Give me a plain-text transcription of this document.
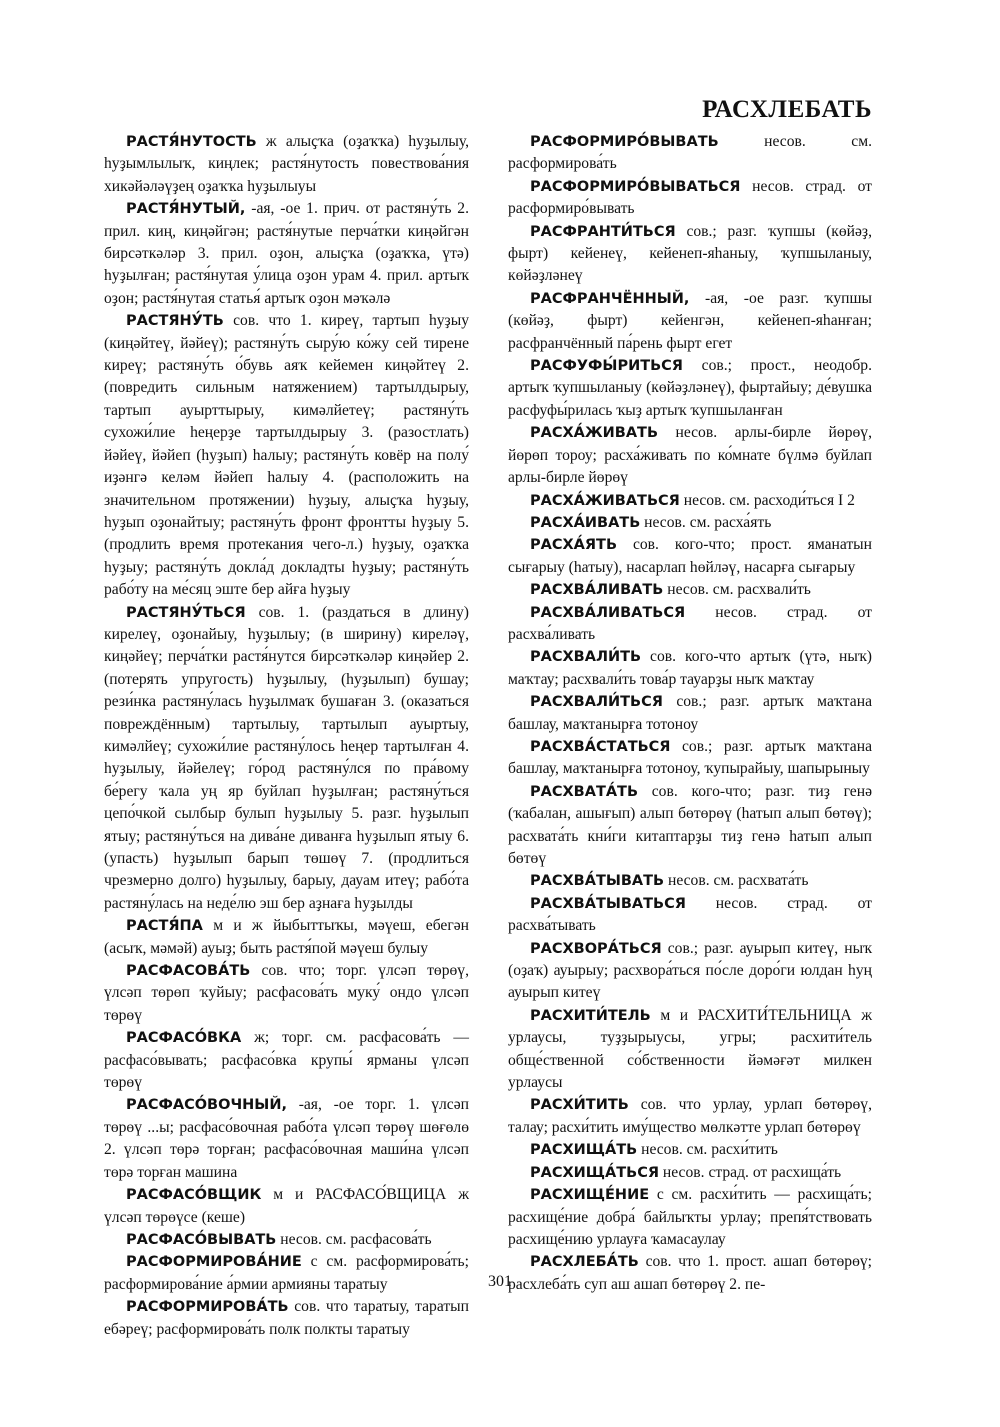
РАСХЛЕБАТЬ

РАСТЯ́НУТОСТЬ ж алыҫҡа (оҙаҡҡа) һуҙылыу, һуҙымлылыҡ, киңлек; растя́нутость повествова́ния хикәйәләүҙең оҙаҡҡа һуҙылыуы

РАСТЯ́НУТЫЙ, -ая, -ое 1. прич. от растяну́ть 2. прил. киң, киңәйгән; растя́нутые перча́тки киңәйгән бирсәткәләр 3. прил. оҙон, алыҫҡа (оҙаҡҡа, үтә) һуҙылған; растя́нутая у́лица оҙон урам 4. прил. артыҡ оҙон; растя́нутая статья́ артыҡ оҙон мәҡәлә

РАСТЯНУ́ТЬ сов. что 1. киреү, тартып һуҙыу (киңәйтеү, йәйеү); растяну́ть сыру́ю ко́жу сей тирене киреү; растяну́ть о́бувь аяҡ кейемен киңәйтеү 2. (повредить сильным натяжением) тартылдырыу, тартып ауырттырыу, кимәлйетеү; растяну́ть сухожи́лие һеңерҙе тартылдырыу 3. (разостлать) йәйеү, йәйеп (һуҙып) һалыу; растяну́ть ковёр на полу́ иҙәнгә келәм йәйеп һалыу 4. (расположить на значительном протяжении) һуҙыу, алыҫҡа һуҙыу, һуҙып оҙонайтыу; растяну́ть фронт фронтты һуҙыу 5. (продлить время протекания чего-л.) һуҙыу, оҙаҡҡа һуҙыу; растяну́ть докла́д докладты һуҙыу; растяну́ть рабо́ту на ме́сяц эште бер айға һуҙыу

РАСТЯНУ́ТЬСЯ сов. 1. (раздаться в длину) кирелеү, оҙонайыу, һуҙылыу; (в ширину) киреләү, киңәйеү; перча́тки растя́нутся бирсәткәләр киңәйер 2. (потерять упругость) һуҙылыу, (һуҙылып) бушау; рези́нка растяну́лась һуҙылмаҡ бушаған 3. (оказаться повреждённым) тартылыу, тартылып ауыртыу, кимәлйеү; сухожи́лие растяну́лось һеңер тартылған 4. һуҙылыу, йәйелеү; го́род растяну́лся по пра́вому бе́регу ҡала уң яр буйлап һуҙылған; растяну́ться цепо́чкой сылбыр булып һуҙылыу 5. разг. һуҙылып ятыу; растяну́ться на дива́не диванға һуҙылып ятыу 6. (упасть) һуҙылып барып төшөү 7. (продлиться чрезмерно долго) һуҙылыу, барыу, дауам итеү; рабо́та растяну́лась на неде́лю эш бер аҙнаға һуҙылды

РАСТЯ́ПА м и ж йыбыттыҡы, мәүеш, ебегән (асыҡ, мәмәй) ауыҙ; быть растя́пой мәүеш булыу

РАСФАСОВА́ТЬ сов. что; торг. үлсәп төрөү, үлсәп төрөп ҡуйыу; расфасова́ть муку́ ондо үлсәп төрөү

РАСФАСО́ВКА ж; торг. см. расфасова́ть — расфасо́вывать; расфасо́вка крупы́ ярманы үлсәп төрөү

РАСФАСО́ВОЧНЫЙ, -ая, -ое торг. 1. үлсәп төрөү ...ы; расфасо́вочная рабо́та үлсәп төрөү шөғөлө 2. үлсәп төрә торған; расфасо́вочная маши́на үлсәп төрә торған машина

РАСФАСО́ВЩИК м и РАСФАСО́ВЩИЦА ж үлсәп төрөүсе (кеше)

РАСФАСО́ВЫВАТЬ несов. см. расфасова́ть

РАСФОРМИРОВА́НИЕ с см. расформирова́ть; расформирова́ние а́рмии армияны таратыу

РАСФОРМИРОВА́ТЬ сов. что таратыу, таратып ебәреү; расформирова́ть полк полкты таратыу

РАСФОРМИРО́ВЫВАТЬ	несов. см. расформирова́ть

РАСФОРМИРО́ВЫВАТЬСЯ несов. страд. от расформиро́вывать

РАСФРАНТИ́ТЬСЯ сов.; разг. ҡупшы (көйәҙ, фырт) кейенеү, кейенеп-яһаныу, ҡупшыланыу, көйәҙләнеү

РАСФРАНЧЁННЫЙ, -ая, -ое разг. ҡупшы (көйәҙ, фырт) кейенгән, кейенеп-яһанған; расфранчённый па́рень фырт егет

РАСФУФЫ́РИТЬСЯ сов.; прост., неодобр. артыҡ ҡупшыланыу (көйәҙләнеү), фыртайыу; де́вушка расфуфы́рилась ҡыҙ артыҡ ҡупшыланған

РАСХА́ЖИВАТЬ несов. арлы-бирле йөрөү, йөрөп тороу; расха́живать по ко́мнате бүлмә буйлап арлы-бирле йөрөү

РАСХА́ЖИВАТЬСЯ несов. см. расходи́ться I 2

РАСХА́ИВАТЬ несов. см. расха́ять

РАСХА́ЯТЬ сов. кого-что; прост. яманатын сығарыу (һатыу), насарлап һөйләү, насарға сығарыу

РАСХВА́ЛИВАТЬ несов. см. расхвали́ть

РАСХВА́ЛИВАТЬСЯ несов. страд. от расхва́ливать

РАСХВАЛИ́ТЬ сов. кого-что артыҡ (үтә, ныҡ) маҡтау; расхвали́ть това́р тауарҙы ныҡ маҡтау

РАСХВАЛИ́ТЬСЯ сов.; разг. артыҡ маҡтана башлау, маҡтанырға тотоноу

РАСХВА́СТАТЬСЯ сов.; разг. артыҡ маҡтана башлау, маҡтанырға тотоноу, ҡупырайыу, шапырыныу

РАСХВАТА́ТЬ сов. кого-что; разг. тиҙ генә (ҡабалан, ашығып) алып бөтөрөү (һатып алып бөтөү); расхвата́ть кни́ги китаптарҙы тиҙ генә һатып алып бөтөү

РАСХВА́ТЫВАТЬ несов. см. расхвата́ть

РАСХВА́ТЫВАТЬСЯ несов. страд. от расхва́тывать

РАСХВОРА́ТЬСЯ сов.; разг. ауырып китеү, ныҡ (оҙаҡ) ауырыу; расхвора́ться по́сле доро́ги юлдан һуң ауырып китеү

РАСХИТИ́ТЕЛЬ м и РАСХИТИ́ТЕЛЬНИЦА ж урлаусы, туҙҙырыусы, угры; расхити́тель обще́ственной со́бственности йәмәғәт милкен урлаусы

РАСХИ́ТИТЬ сов. что урлау, урлап бөтөрөү, талау; расхи́тить иму́щество мөлкәтте урлап бөтөрөү

РАСХИЩА́ТЬ несов. см. расхи́тить

РАСХИЩА́ТЬСЯ несов. страд. от расхища́ть

РАСХИЩЕ́НИЕ с см. расхи́тить — расхища́ть; расхище́ние добра́ байлыҡты урлау; препя́тствовать расхище́нию урлауға ҡамасаулау

РАСХЛЕБА́ТЬ сов. что 1. прост. ашап бөтөрөү; расхлеба́ть суп аш ашап бөтөрөү 2. пе-

301
